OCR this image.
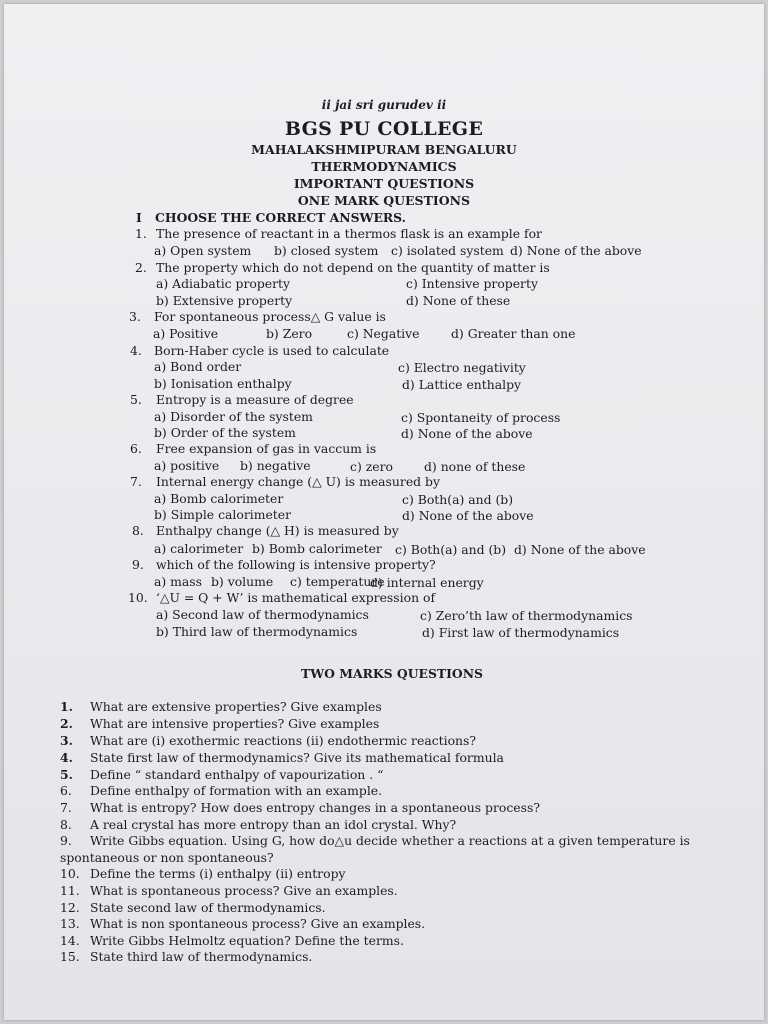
ii jai sri gurudev ii
BGS PU COLLEGE
MAHALAKSHMIPURAM BENGALURU
THERMODYNAMICS
IMPORTANT QUESTIONS
ONE MARK QUESTIONS
I CHOOSE THE CORRECT ANSWERS.
1. The presence of reactant in a thermos flask is an example for
a) Open system b) closed system c) isolated system d) None of the above
2. The property which do not depend on the quantity of matter is
a) Adiabatic property	c) Intensive property
b) Extensive property	d) None of these
3. For spontaneous process△ G value is
a) Positive	b) Zero	c) Negative	d) Greater than one
4. Born-Haber cycle is used to calculate
a) Bond order	c) Electro negativity
b) Ionisation enthalpy	d) Lattice enthalpy
5. Entropy is a measure of degree
a) Disorder of the system	c) Spontaneity of process
b) Order of the system	d) None of the above
6. Free expansion of gas in vaccum is
a) positive b) negative	c) zero	d) none of these
7. Internal energy change (△ U) is measured by
a) Bomb calorimeter	c) Both(a) and (b)
b) Simple calorimeter	d) None of the above
8. Enthalpy change (△ H) is measured by
a) calorimeter b) Bomb calorimeter c) Both(a) and (b) d) None of the above
9. which of the following is intensive property?
a) mass b) volume c) temperature
d) internal energy
10. ‘△U = Q + W’ is mathematical expression of
a) Second law of thermodynamics	c) Zero’th law of thermodynamics
b) Third law of thermodynamics	d) First law of thermodynamics
TWO MARKS QUESTIONS
1. What are extensive properties? Give examples
2. What are intensive properties? Give examples
3. What are (i) exothermic reactions (ii) endothermic reactions?
4. State first law of thermodynamics? Give its mathematical formula
5. Define “ standard enthalpy of vapourization . “
6. Define enthalpy of formation with an example.
7. What is entropy? How does entropy changes in a spontaneous process?
8. A real crystal has more entropy than an idol crystal. Why?
9. Write Gibbs equation. Using G, how do△u decide whether a reactions at a given temperature is
spontaneous or non spontaneous?
10. Define the terms (i) enthalpy (ii) entropy
11. What is spontaneous process? Give an examples.
12. State second law of thermodynamics.
13. What is non spontaneous process? Give an examples.
14. Write Gibbs Helmoltz equation? Define the terms.
15. State third law of thermodynamics.
